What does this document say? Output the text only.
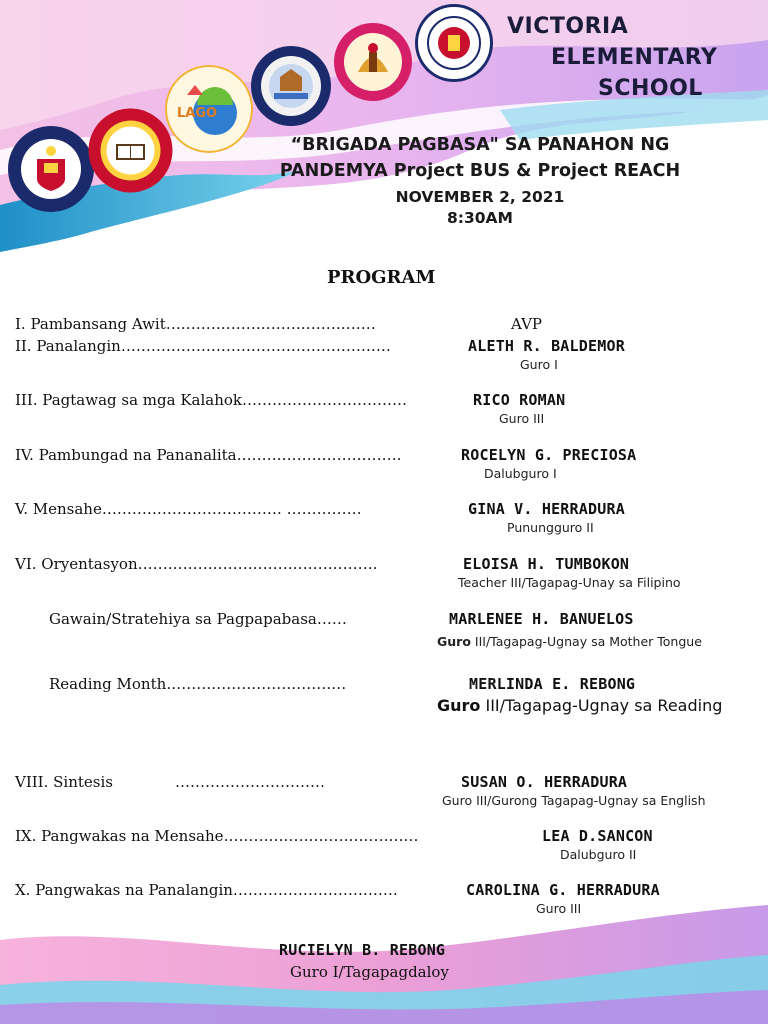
LAGO
VICTORIA
ELEMENTARY
SCHOOL
“BRIGADA PAGBASA" SA PANAHON NG
PANDEMYA Project BUS & Project REACH
NOVEMBER 2, 2021
8:30AM
PROGRAM
I. Pambansang Awit……………………………………	AVP
II. Panalangin………………………………………………	ALETH R. BALDEMOR
Guro I
III. Pagtawag sa mga Kalahok……………………………	RICO ROMAN
Guro III
IV. Pambungad na Pananalita……………………………	ROCELYN G. PRECIOSA
Dalubguro I
V. Mensahe……………………………… ……………	GINA V. HERRADURA
Punungguro II
VI. Oryentasyon…………………………………………	ELOISA H. TUMBOKON
Teacher III/Tagapag-Unay sa Filipino
Gawain/Stratehiya sa Pagpapabasa……	MARLENEE H. BANUELOS
Guro III/Tagapag-Ugnay sa Mother Tongue
Reading Month………………………………	MERLINDA E. REBONG
Guro III/Tagapag-Ugnay sa Reading
VIII. Sintesis	…………………………	SUSAN O. HERRADURA
Guro III/Gurong Tagapag-Ugnay sa English
IX. Pangwakas na Mensahe…………………………………	LEA D.SANCON
Dalubguro II
X. Pangwakas na Panalangin……………………………	CAROLINA G. HERRADURA
Guro III
RUCIELYN B. REBONG
Guro I/Tagapagdaloy
